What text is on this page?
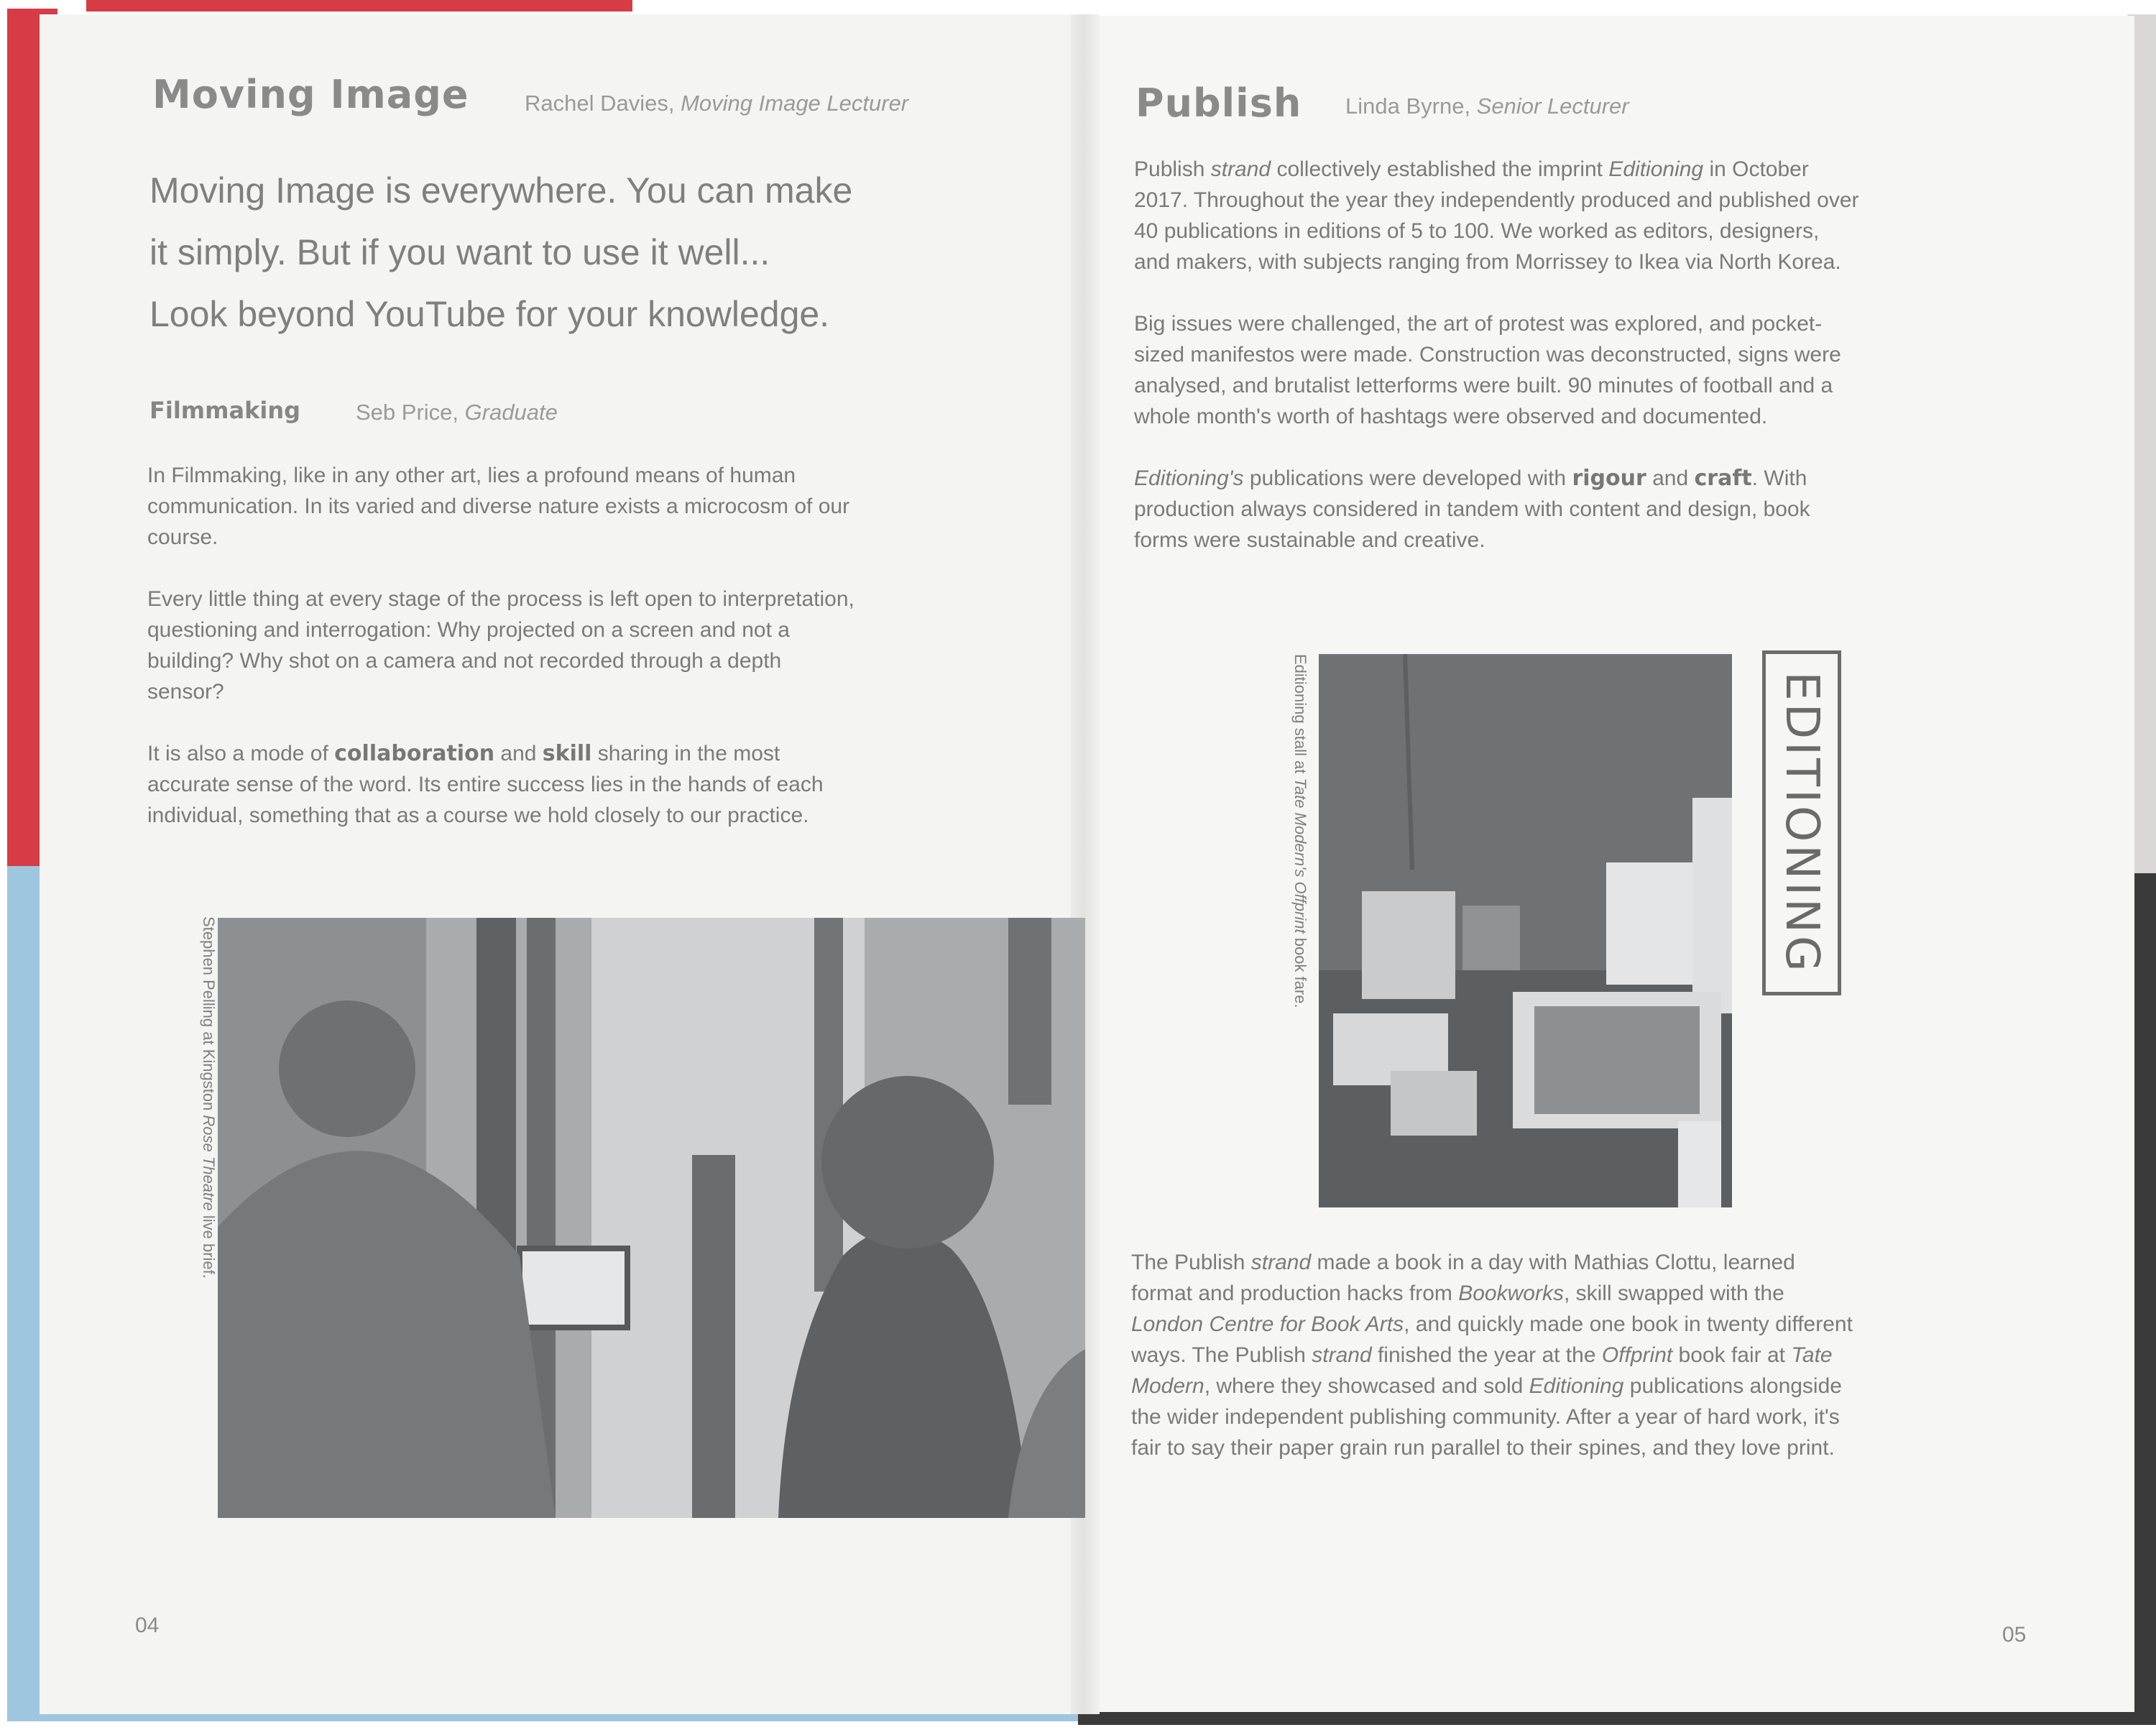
Moving Image Rachel Davies, Moving Image Lecturer
Moving Image is everywhere. You can make
it simply. But if you want to use it well...
Look beyond YouTube for your knowledge.
Filmmaking Seb Price, Graduate

In Filmmaking, like in any other art, lies a profound means of human communication. In its varied and diverse nature exists a microcosm of our course.

Every little thing at every stage of the process is left open to interpretation, questioning and interrogation: Why projected on a screen and not a building? Why shot on a camera and not recorded through a depth sensor?

It is also a mode of collaboration and skill sharing in the most accurate sense of the word. Its entire success lies in the hands of each individual, something that as a course we hold closely to our practice.

Stephen Pelling at Kingston Rose Theatre live brief.
04
Publish Linda Byrne, Senior Lecturer

Publish strand collectively established the imprint Editioning in October 2017. Throughout the year they independently produced and published over 40 publications in editions of 5 to 100. We worked as editors, designers, and makers, with subjects ranging from Morrissey to Ikea via North Korea.

Big issues were challenged, the art of protest was explored, and pocket-sized manifestos were made. Construction was deconstructed, signs were analysed, and brutalist letterforms were built. 90 minutes of football and a whole month's worth of hashtags were observed and documented.

Editioning's publications were developed with rigour and craft. With production always considered in tandem with content and design, book forms were sustainable and creative.

Editioning stall at Tate Modern's Offprint book fare.	EDITIONING

The Publish strand made a book in a day with Mathias Clottu, learned format and production hacks from Bookworks, skill swapped with the London Centre for Book Arts, and quickly made one book in twenty different ways. The Publish strand finished the year at the Offprint book fair at Tate Modern, where they showcased and sold Editioning publications alongside the wider independent publishing community. After a year of hard work, it's fair to say their paper grain run parallel to their spines, and they love print.

05
